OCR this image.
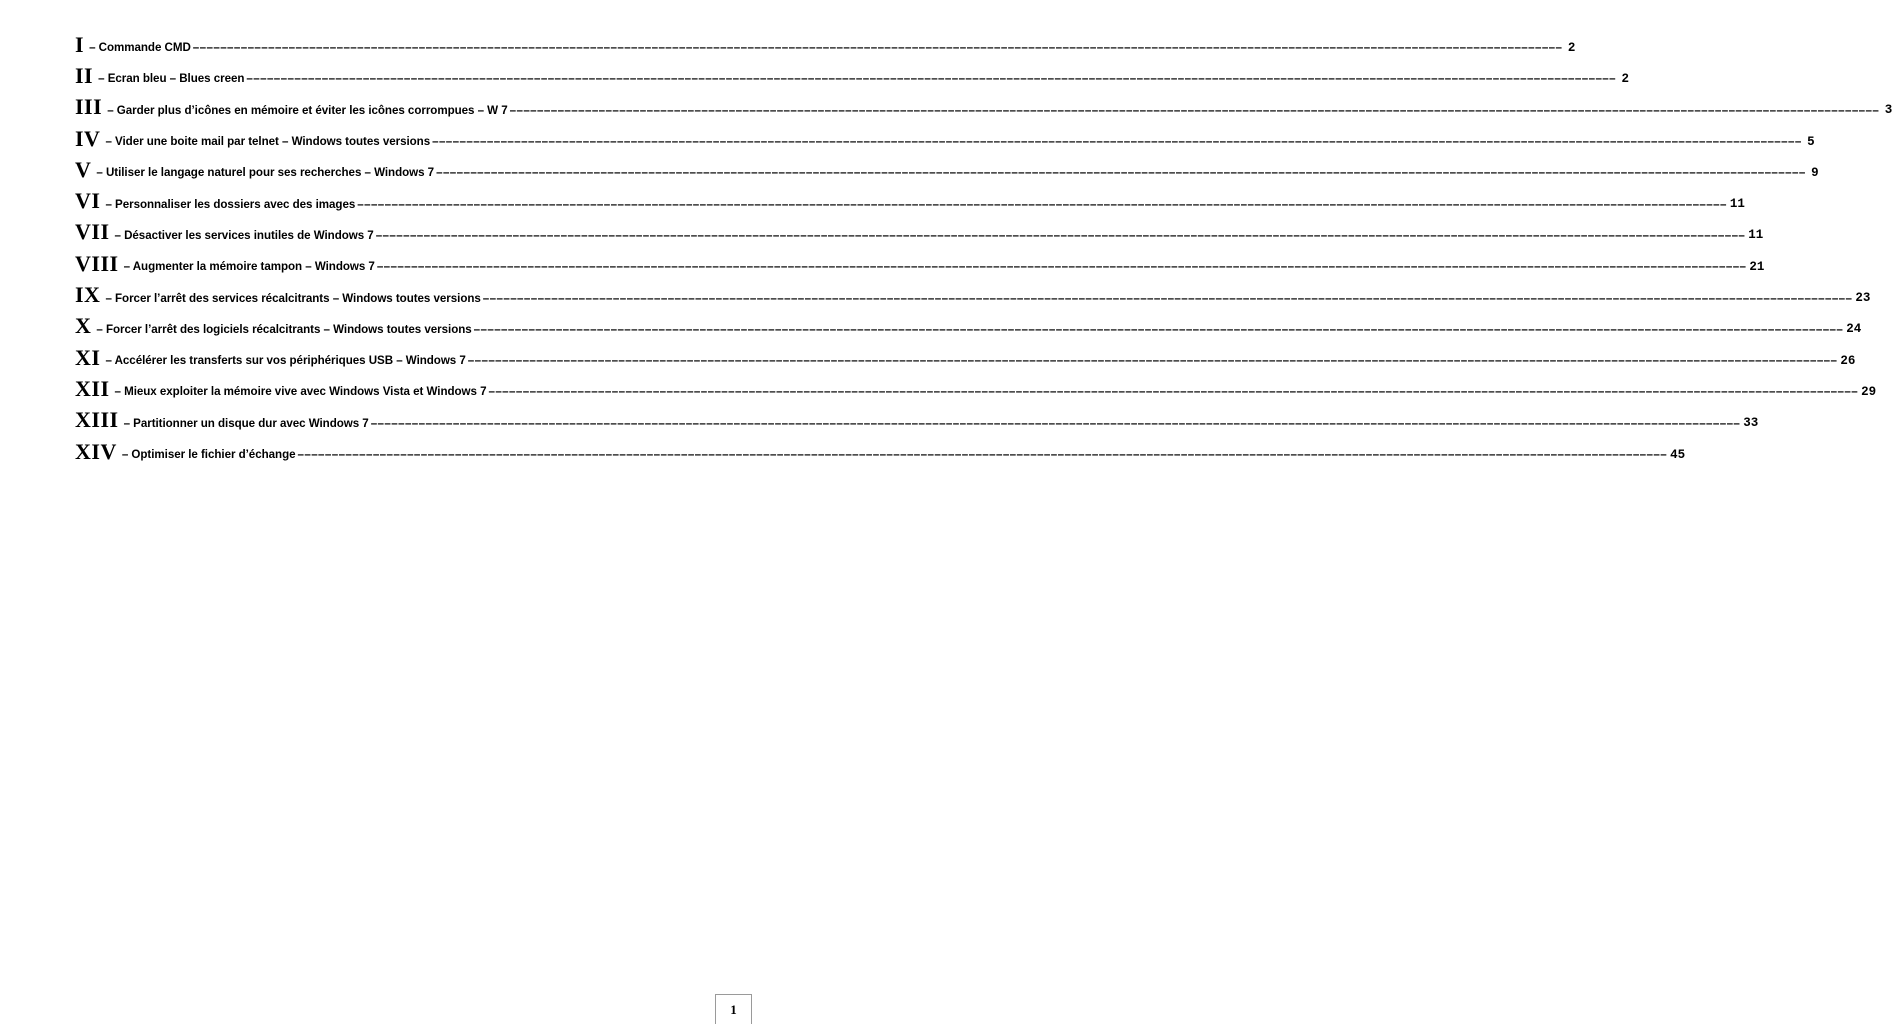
I – Commande CMD –––––––––––––––––––––––––––––––––––––––––––––––––––––––––––––––––––––––––––––––––––––––––––––––––––––––––––––––––––––––––––––––––––––––––––––––––––––––––––––––––––––––––––––––––––––––––––––––––––––––– 2
II – Ecran bleu – Blues creen –––––––––––––––––––––––––––––––––––––––––––––––––––––––––––––––––––––––––––––––––––––––––––––––––––––––––––––––––––––––––––––––––––––––––––––––––––––––––––––––––––––––––––––––––––––––––––––––––––––––– 2
III – Garder plus d’icônes en mémoire et éviter les icônes corrompues – W 7 –––––––––––––––––––––––––––––––––––––––––––––––––––––––––––––––––––––––––––––––––––––––––––––––––––––––––––––––––––––––––––––––––––––––––––––––––––––––––––––––––––––––––––––––––––––––––––––––––––––––– 3
IV – Vider une boite mail par telnet – Windows toutes versions –––––––––––––––––––––––––––––––––––––––––––––––––––––––––––––––––––––––––––––––––––––––––––––––––––––––––––––––––––––––––––––––––––––––––––––––––––––––––––––––––––––––––––––––––––––––––––––––––––––––– 5
V – Utiliser le langage naturel pour ses recherches – Windows 7 –––––––––––––––––––––––––––––––––––––––––––––––––––––––––––––––––––––––––––––––––––––––––––––––––––––––––––––––––––––––––––––––––––––––––––––––––––––––––––––––––––––––––––––––––––––––––––––––––––––––– 9
VI – Personnaliser les dossiers avec des images –––––––––––––––––––––––––––––––––––––––––––––––––––––––––––––––––––––––––––––––––––––––––––––––––––––––––––––––––––––––––––––––––––––––––––––––––––––––––––––––––––––––––––––––––––––––––––––––––––––––– 11
VII – Désactiver les services inutiles de Windows 7 –––––––––––––––––––––––––––––––––––––––––––––––––––––––––––––––––––––––––––––––––––––––––––––––––––––––––––––––––––––––––––––––––––––––––––––––––––––––––––––––––––––––––––––––––––––––––––––––––––––––– 11
VIII – Augmenter la mémoire tampon – Windows 7 –––––––––––––––––––––––––––––––––––––––––––––––––––––––––––––––––––––––––––––––––––––––––––––––––––––––––––––––––––––––––––––––––––––––––––––––––––––––––––––––––––––––––––––––––––––––––––––––––––––––– 21
IX – Forcer l’arrêt des services récalcitrants – Windows toutes versions –––––––––––––––––––––––––––––––––––––––––––––––––––––––––––––––––––––––––––––––––––––––––––––––––––––––––––––––––––––––––––––––––––––––––––––––––––––––––––––––––––––––––––––––––––––––––––––––––––––––– 23
X – Forcer l’arrêt des logiciels récalcitrants – Windows toutes versions –––––––––––––––––––––––––––––––––––––––––––––––––––––––––––––––––––––––––––––––––––––––––––––––––––––––––––––––––––––––––––––––––––––––––––––––––––––––––––––––––––––––––––––––––––––––––––––––––––––––– 24
XI – Accélérer les transferts sur vos périphériques USB – Windows 7 –––––––––––––––––––––––––––––––––––––––––––––––––––––––––––––––––––––––––––––––––––––––––––––––––––––––––––––––––––––––––––––––––––––––––––––––––––––––––––––––––––––––––––––––––––––––––––––––––––––––– 26
XII – Mieux exploiter la mémoire vive avec Windows Vista et Windows 7 –––––––––––––––––––––––––––––––––––––––––––––––––––––––––––––––––––––––––––––––––––––––––––––––––––––––––––––––––––––––––––––––––––––––––––––––––––––––––––––––––––––––––––––––––––––––––––––––––––––––– 29
XIII – Partitionner un disque dur avec Windows 7 –––––––––––––––––––––––––––––––––––––––––––––––––––––––––––––––––––––––––––––––––––––––––––––––––––––––––––––––––––––––––––––––––––––––––––––––––––––––––––––––––––––––––––––––––––––––––––––––––––––––– 33
XIV – Optimiser le fichier d’échange –––––––––––––––––––––––––––––––––––––––––––––––––––––––––––––––––––––––––––––––––––––––––––––––––––––––––––––––––––––––––––––––––––––––––––––––––––––––––––––––––––––––––––––––––––––––––––––––––––––––– 45
1
